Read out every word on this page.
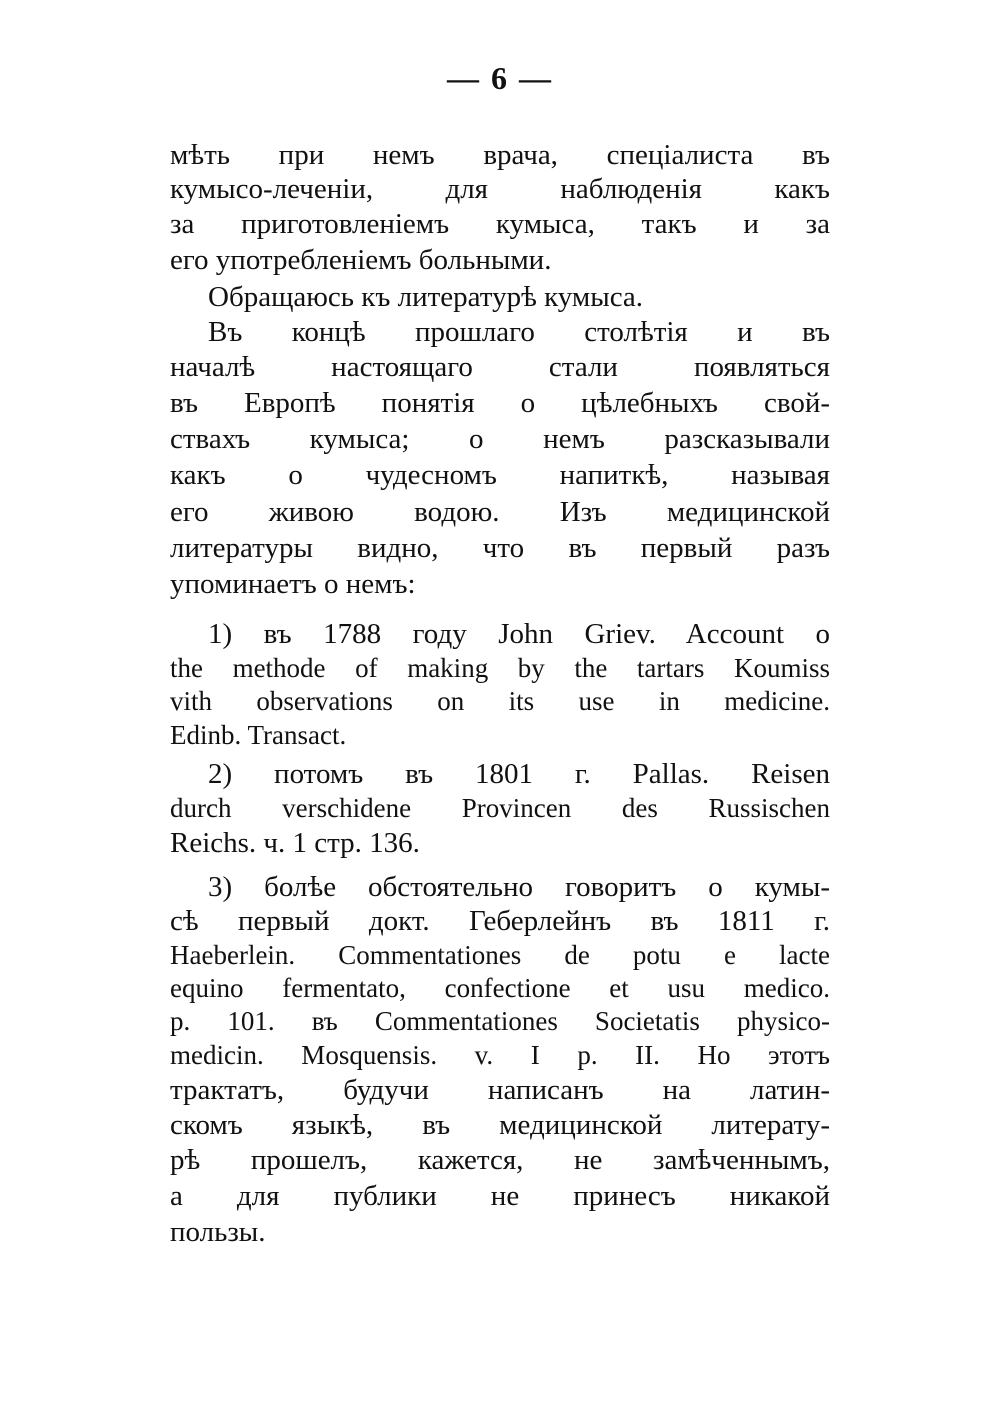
— 6 —
мѣть при немъ врача, спеціалиста въ
кумысо-леченіи, для наблюденія какъ
за приготовленіемъ кумыса, такъ и за
его употребленіемъ больными.
Обращаюсь къ литературѣ кумыса.
Въ концѣ прошлаго столѣтія и въ
началѣ настоящаго стали появляться
въ Европѣ понятія о цѣлебныхъ свой-
ствахъ кумыса; о немъ разсказывали
какъ о чудесномъ напиткѣ, называя
его живою водою. Изъ медицинской
литературы видно, что въ первый разъ
упоминаетъ о немъ:
1) въ 1788 году John Griev. Account o
the methode of making by the tartars Koumiss
vith observations on its use in medicine.
Edinb. Transact.
2) потомъ въ 1801 г. Pallas. Reisen
durch verschidene Provincen des Russischen
Reichs. ч. 1 стр. 136.
3) болѣе обстоятельно говоритъ о кумы-
сѣ первый докт. Геберлейнъ въ 1811 г.
Haeberlein. Commentationes de potu e lacte
equino fermentato, confectione et usu medico.
p. 101. въ Commentationes Societatis physico-
medicin. Mosquensis. v. I p. II. Но этотъ
трактатъ, будучи написанъ на латин-
скомъ языкѣ, въ медицинской литерату-
рѣ прошелъ, кажется, не замѣченнымъ,
а для публики не принесъ никакой
пользы.
